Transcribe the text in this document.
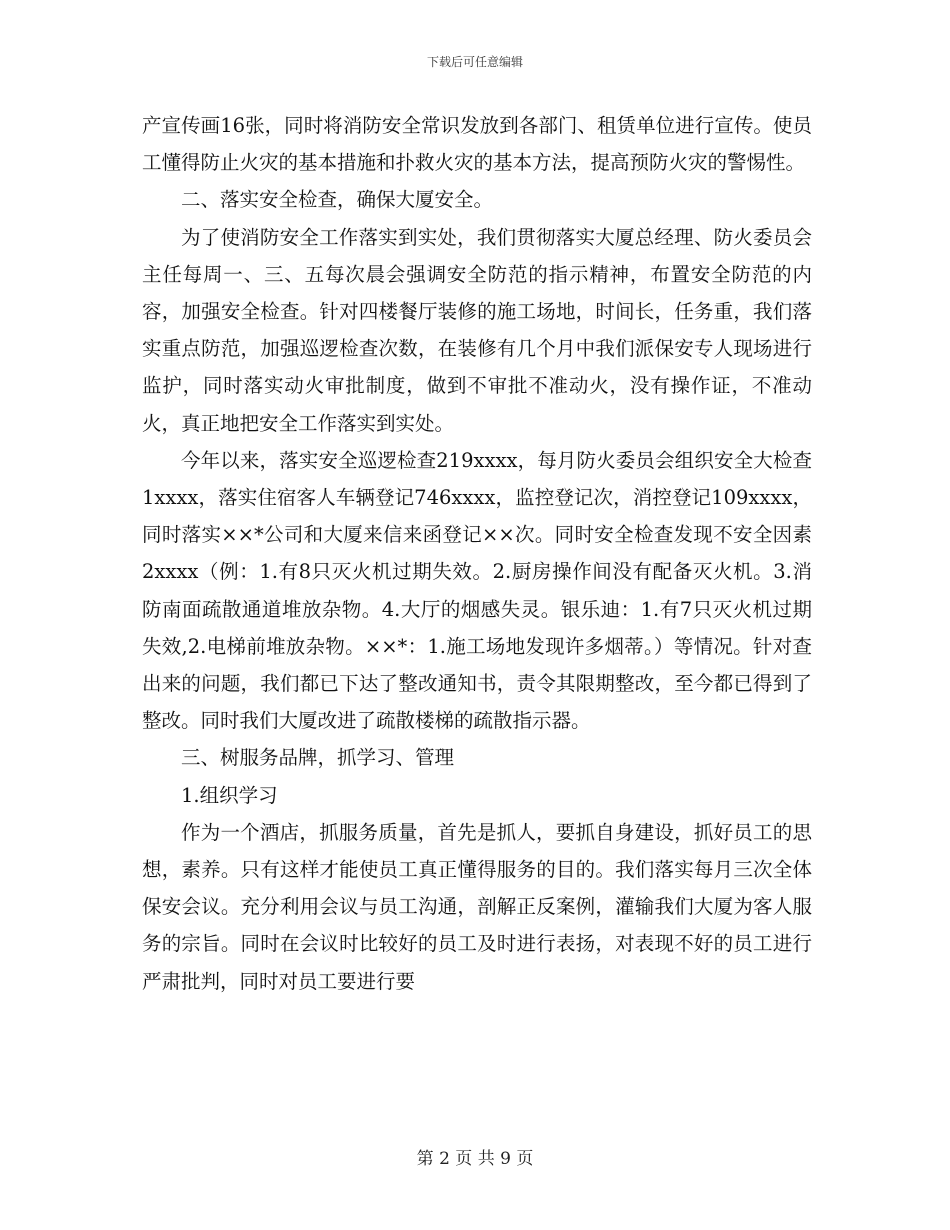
下载后可任意编辑

产宣传画16张，同时将消防安全常识发放到各部门、租赁单位进行宣传。使员工懂得防止火灾的基本措施和扑救火灾的基本方法，提高预防火灾的警惕性。

二、落实安全检查，确保大厦安全。

为了使消防安全工作落实到实处，我们贯彻落实大厦总经理、防火委员会主任每周一、三、五每次晨会强调安全防范的指示精神，布置安全防范的内容，加强安全检查。针对四楼餐厅装修的施工场地，时间长，任务重，我们落实重点防范，加强巡逻检查次数，在装修有几个月中我们派保安专人现场进行监护，同时落实动火审批制度，做到不审批不准动火，没有操作证，不准动火，真正地把安全工作落实到实处。

今年以来，落实安全巡逻检查219xxxx，每月防火委员会组织安全大检查1xxxx，落实住宿客人车辆登记746xxxx，监控登记次，消控登记109xxxx，同时落实××*公司和大厦来信来函登记××次。同时安全检查发现不安全因素2xxxx（例：1.有8只灭火机过期失效。2.厨房操作间没有配备灭火机。3.消防南面疏散通道堆放杂物。4.大厅的烟感失灵。银乐迪：1.有7只灭火机过期失效,2.电梯前堆放杂物。××*：1.施工场地发现许多烟蒂。）等情况。针对查出来的问题，我们都已下达了整改通知书，责令其限期整改，至今都已得到了整改。同时我们大厦改进了疏散楼梯的疏散指示器。

三、树服务品牌，抓学习、管理

1.组织学习

作为一个酒店，抓服务质量，首先是抓人，要抓自身建设，抓好员工的思想，素养。只有这样才能使员工真正懂得服务的目的。我们落实每月三次全体保安会议。充分利用会议与员工沟通，剖解正反案例，灌输我们大厦为客人服务的宗旨。同时在会议时比较好的员工及时进行表扬，对表现不好的员工进行严肃批判，同时对员工要进行要

第 2 页 共 9 页
